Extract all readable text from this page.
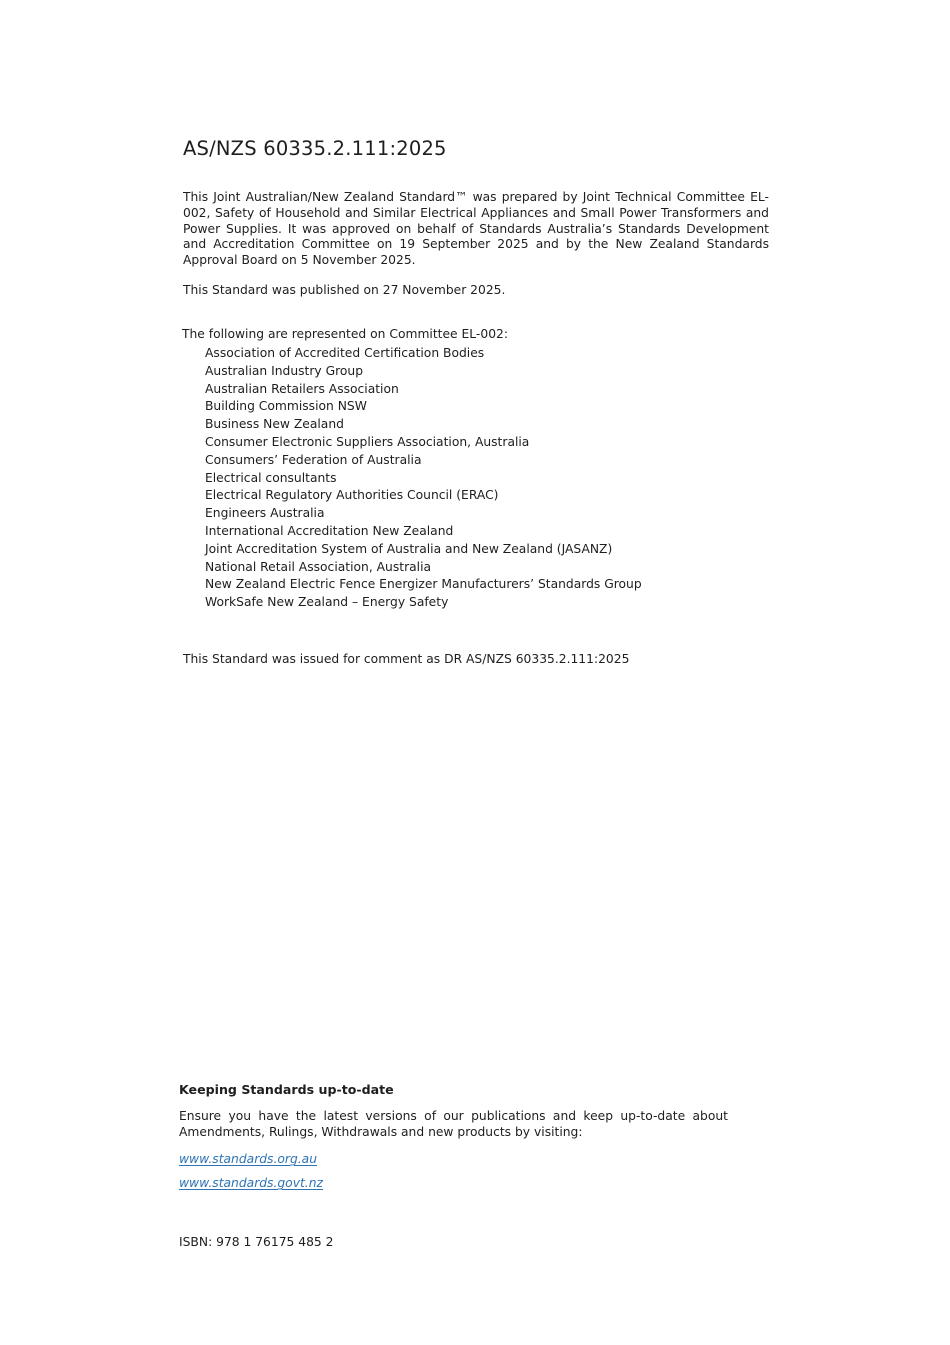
AS/NZS 60335.2.111:2025
This Joint Australian/New Zealand Standard™ was prepared by Joint Technical Committee EL-002, Safety of Household and Similar Electrical Appliances and Small Power Transformers and Power Supplies. It was approved on behalf of Standards Australia’s Standards Development and Accreditation Committee on 19 September 2025 and by the New Zealand Standards Approval Board on 5 November 2025.
This Standard was published on 27 November 2025.
The following are represented on Committee EL-002:
Association of Accredited Certification Bodies
Australian Industry Group
Australian Retailers Association
Building Commission NSW
Business New Zealand
Consumer Electronic Suppliers Association, Australia
Consumers’ Federation of Australia
Electrical consultants
Electrical Regulatory Authorities Council (ERAC)
Engineers Australia
International Accreditation New Zealand
Joint Accreditation System of Australia and New Zealand (JASANZ)
National Retail Association, Australia
New Zealand Electric Fence Energizer Manufacturers’ Standards Group
WorkSafe New Zealand – Energy Safety
This Standard was issued for comment as DR AS/NZS 60335.2.111:2025
Keeping Standards up-to-date
Ensure you have the latest versions of our publications and keep up-to-date about Amendments, Rulings, Withdrawals and new products by visiting:
www.standards.org.au
www.standards.govt.nz
ISBN: 978 1 76175 485 2
